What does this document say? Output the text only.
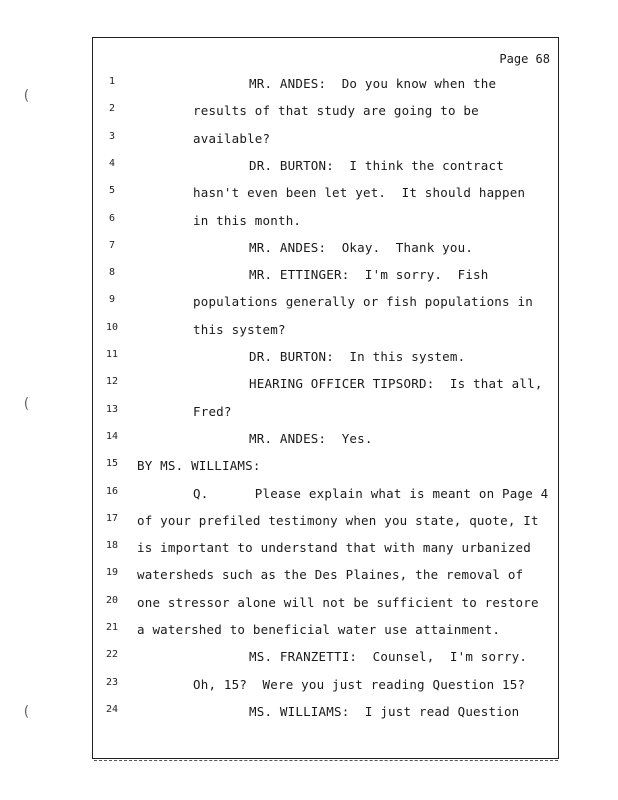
(
(
(
Page 68
1	MR. ANDES:  Do you know when the
2	results of that study are going to be
3	available?
4	DR. BURTON:  I think the contract
5	hasn't even been let yet.  It should happen
6	in this month.
7	MR. ANDES:  Okay.  Thank you.
8	MR. ETTINGER:  I'm sorry.  Fish
9	populations generally or fish populations in
10	this system?
11	DR. BURTON:  In this system.
12	HEARING OFFICER TIPSORD:  Is that all,
13	Fred?
14	MR. ANDES:  Yes.
15	BY MS. WILLIAMS:
16	Q.      Please explain what is meant on Page 4
17	of your prefiled testimony when you state, quote, It
18	is important to understand that with many urbanized
19	watersheds such as the Des Plaines, the removal of
20	one stressor alone will not be sufficient to restore
21	a watershed to beneficial water use attainment.
22	MS. FRANZETTI:  Counsel,  I'm sorry.
23	Oh, 15?  Were you just reading Question 15?
24	MS. WILLIAMS:  I just read Question
